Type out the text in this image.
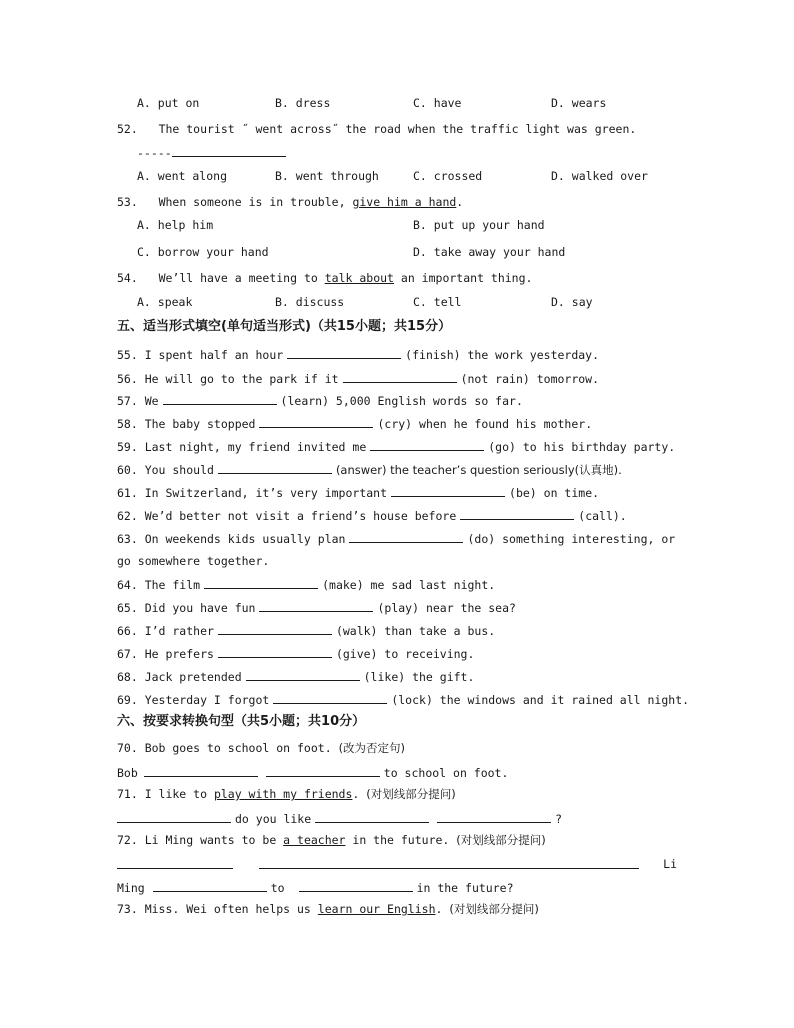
A. put on	B. dress	C. have	D. wears
52. The tourist ˝ went across˝ the road when the traffic light was green.
-----
A. went along	B. went through	C. crossed	D. walked over
53. When someone is in trouble, give him a hand.
A. help him	B. put up your hand
C. borrow your hand	D. take away your hand
54. We’ll have a meeting to talk about an important thing.
A. speak	B. discuss	C. tell	D. say
五、适当形式填空(单句适当形式)（共15小题；共15分）
55. I spent half an hour	(finish) the work yesterday.
56. He will go to the park if it	(not rain) tomorrow.
57. We	(learn) 5,000 English words so far.
58. The baby stopped	(cry) when he found his mother.
59. Last night, my friend invited me	(go) to his birthday party.
60. You should	(answer) the teacher’s question seriously(认真地).
61. In Switzerland, it’s very important	(be) on time.
62. We’d better not visit a friend’s house before	(call).
63. On weekends kids usually plan	(do) something interesting, or
go somewhere together.
64. The film	(make) me sad last night.
65. Did you have fun	(play) near the sea?
66. I’d rather	(walk) than take a bus.
67. He prefers	(give) to receiving.
68. Jack pretended	(like) the gift.
69. Yesterday I forgot	(lock) the windows and it rained all night.
六、按要求转换句型（共5小题；共10分）
70. Bob goes to school on foot. (改为否定句)
Bob	to school on foot.
71. I like to play with my friends. (对划线部分提问)
do you like	?
72. Li Ming wants to be a teacher in the future. (对划线部分提问)
Li
Ming	to	in the future?
73. Miss. Wei often helps us learn our English. (对划线部分提问)
